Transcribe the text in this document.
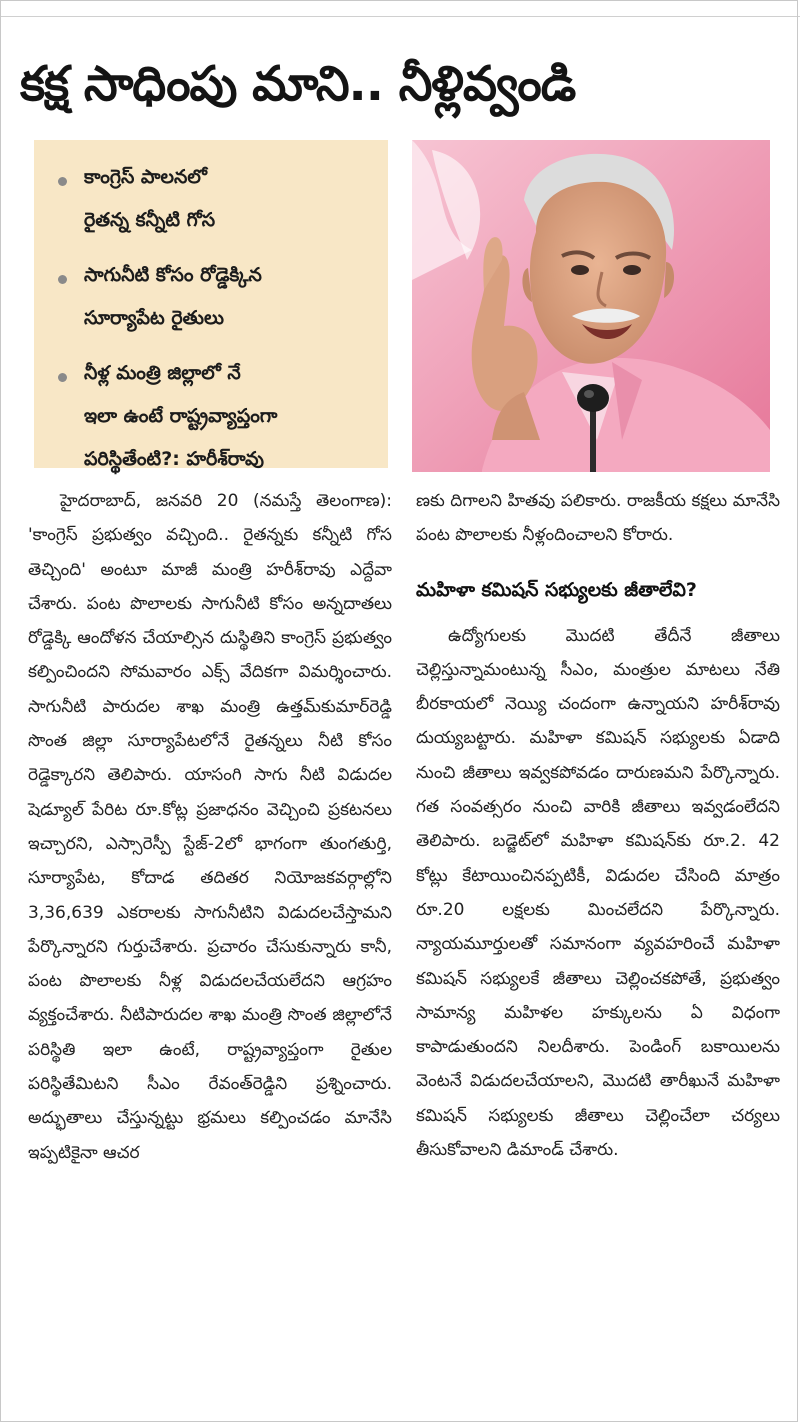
కక్ష సాధింపు మాని.. నీళ్లివ్వండి
కాంగ్రెస్ పాలనలో
రైతన్న కన్నీటి గోస
సాగునీటి కోసం రోడ్డెక్కిన
సూర్యాపేట రైతులు
నీళ్ల మంత్రి జిల్లాలో నే
ఇలా ఉంటే రాష్ట్రవ్యాప్తంగా
పరిస్థితేంటి?: హరీశ్‌రావు

హైదరాబాద్, జనవరి 20 (నమస్తే తెలంగాణ): 'కాంగ్రెస్ ప్రభుత్వం వచ్చింది.. రైతన్నకు కన్నీటి గోస తెచ్చింది' అంటూ మాజీ మంత్రి హరీశ్‌రావు ఎద్దేవా చేశారు. పంట పొలాలకు సాగునీటి కోసం అన్నదాతలు రోడ్డెక్కి ఆందోళన చేయాల్సిన దుస్థితిని కాంగ్రెస్ ప్రభుత్వం కల్పించిందని సోమవారం ఎక్స్ వేదికగా విమర్శించారు. సాగునీటి పారుదల శాఖ మంత్రి ఉత్తమ్‌కుమార్‌రెడ్డి సొంత జిల్లా సూర్యాపేటలోనే రైతన్నలు నీటి కోసం రెడ్డెక్కారని తెలిపారు. యాసంగి సాగు నీటి విడుదల షెడ్యూల్ పేరిట రూ.కోట్ల ప్రజాధనం వెచ్చించి ప్రకటనలు ఇచ్చారని, ఎస్సారెస్పీ స్టేజ్-2లో భాగంగా తుంగతుర్తి, సూర్యాపేట, కోదాడ తదితర నియోజకవర్గాల్లోని 3,36,639 ఎకరాలకు సాగునీటిని విడుదలచేస్తామని పేర్కొన్నారని గుర్తుచేశారు. ప్రచారం చేసుకున్నారు కానీ, పంట పొలాలకు నీళ్ల విడుదలచేయలేదని ఆగ్రహం వ్యక్తంచేశారు. నీటిపారుదల శాఖ మంత్రి సొంత జిల్లాలోనే పరిస్థితి ఇలా ఉంటే, రాష్ట్రవ్యాప్తంగా రైతుల పరిస్థితేమిటని సీఎం రేవంత్‌రెడ్డిని ప్రశ్నించారు. అద్భుతాలు చేస్తున్నట్టు భ్రమలు కల్పించడం మానేసి ఇప్పటికైనా ఆచర

ణకు దిగాలని హితవు పలికారు. రాజకీయ కక్షలు మానేసి పంట పొలాలకు నీళ్లందించాలని కోరారు.

మహిళా కమిషన్ సభ్యులకు జీతాలేవి?

ఉద్యోగులకు మొదటి తేదీనే జీతాలు చెల్లిస్తున్నామంటున్న సీఎం, మంత్రుల మాటలు నేతి బీరకాయలో నెయ్యి చందంగా ఉన్నాయని హరీశ్‌రావు దుయ్యబట్టారు. మహిళా కమిషన్ సభ్యులకు ఏడాది నుంచి జీతాలు ఇవ్వకపోవడం దారుణమని పేర్కొన్నారు. గత సంవత్సరం నుంచి వారికి జీతాలు ఇవ్వడంలేదని తెలిపారు. బడ్జెట్‌లో మహిళా కమిషన్‌కు రూ.2. 42 కోట్లు కేటాయించినప్పటికీ, విడుదల చేసింది మాత్రం రూ.20 లక్షలకు మించలేదని పేర్కొన్నారు. న్యాయమూర్తులతో సమానంగా వ్యవహరించే మహిళా కమిషన్ సభ్యులకే జీతాలు చెల్లించకపోతే, ప్రభుత్వం సామాన్య మహిళల హక్కులను ఏ విధంగా కాపాడుతుందని నిలదీశారు. పెండింగ్ బకాయిలను వెంటనే విడుదలచేయాలని, మొదటి తారీఖునే మహిళా కమిషన్ సభ్యులకు జీతాలు చెల్లించేలా చర్యలు తీసుకోవాలని డిమాండ్ చేశారు.
